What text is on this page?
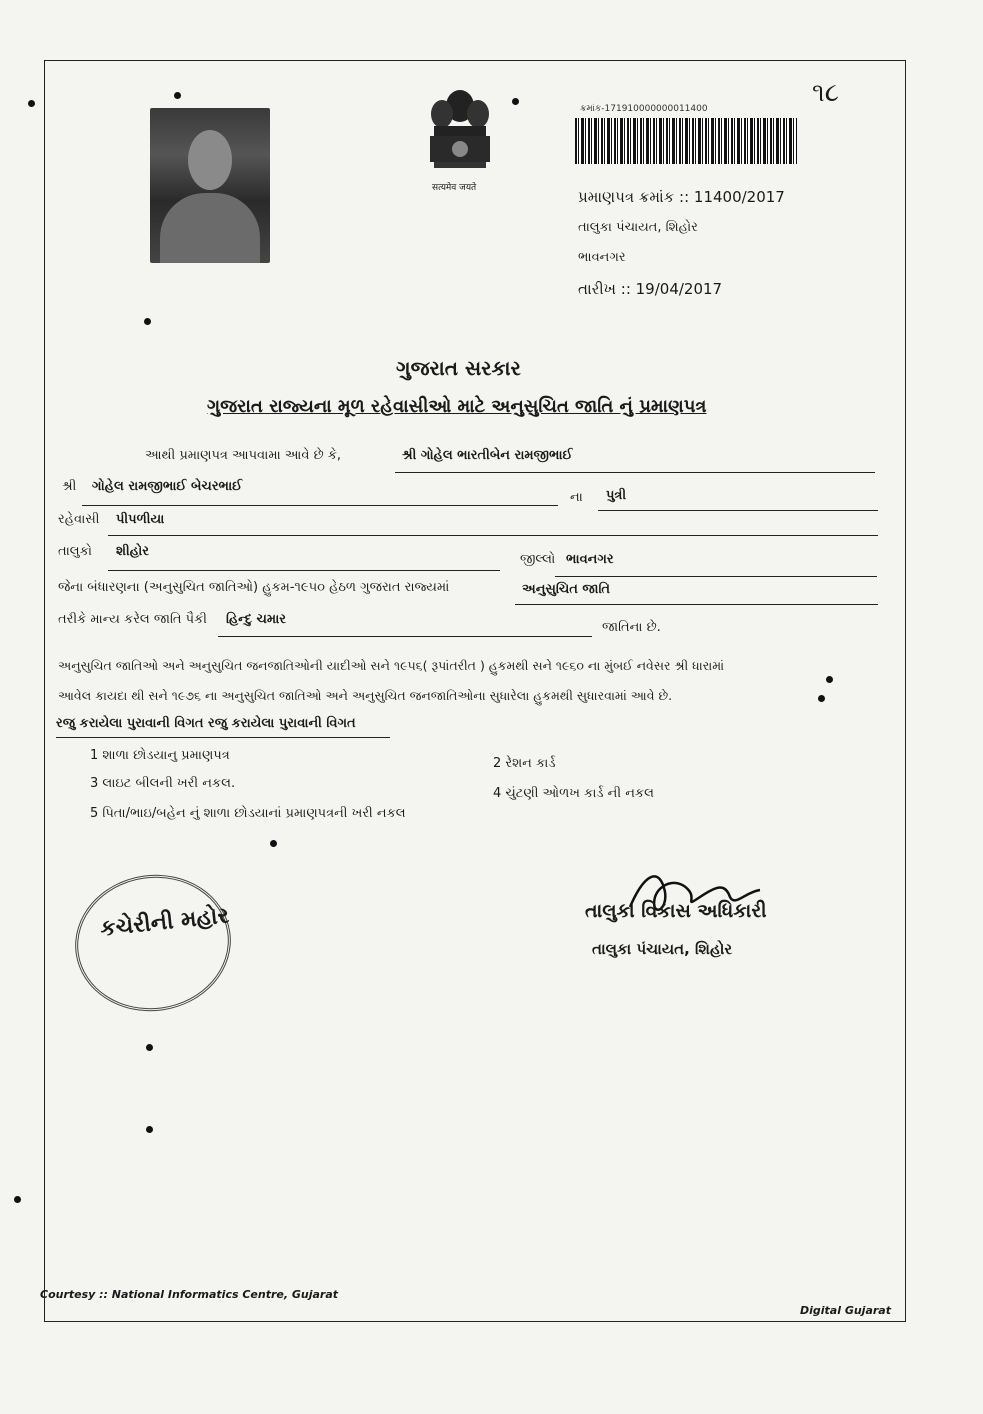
૧૮
सत्यमेव जयते
ક્રમાંક-171910000000011400
પ્રમાણપત્ર ક્રમાંક :: 11400/2017
તાલુકા પંચાયત, શિહોર
ભાવનગર
તારીખ :: 19/04/2017
ગુજરાત સરકાર
ગુજરાત રાજ્યના મૂળ રહેવાસીઓ માટે અનુસુચિત જાતિ નું પ્રમાણપત્ર
આથી પ્રમાણપત્ર આપવામા આવે છે કે,	શ્રી ગોહેલ ભારતીબેન રામજીભાઈ
શ્રી ગોહેલ રામજીભાઈ બેચરભાઈ
ના પુત્રી
રહેવાસી પીપળીયા
તાલુકો શીહોર
જીલ્લો ભાવનગર
જેના બંધારણના (અનુસુચિત જાતિઓ) હુકમ-૧૯૫૦ હેઠળ ગુજરાત રાજ્યમાં	અનુસુચિત જાતિ
તરીકે માન્ય કરેલ જાતિ પૈકી હિન્દુ ચમાર
જાતિના છે.
અનુસુચિત જાતિઓ અને અનુસુચિત જનજાતિઓની યાદીઓ સને ૧૯૫૬( રૂપાંતરીત ) હુકમથી સને ૧૯૬૦ ના મુંબઈ નવેસર શ્રી ધારામાં
આવેલ કાયદા થી સને ૧૯૭૬ ના અનુસુચિત જાતિઓ અને અનુસુચિત જનજાતિઓના સુધારેલા હુકમથી સુધારવામાં આવે છે.
રજુ કરાયેલા પુરાવાની વિગત રજુ કરાયેલા પુરાવાની વિગત
1 શાળા છોડયાનુ પ્રમાણપત્ર
2 રેશન કાર્ડ
3 લાઇટ બીલની ખરી નકલ.
4 ચુંટણી ઓળખ કાર્ડ ની નકલ
5 પિતા/ભાઇ/બહેન નું શાળા છોડયાનાં પ્રમાણપત્રની ખરી નકલ
કચેરીની મહોર	તાલુકા વિકાસ અધિકારી
તાલુકા પંચાયત, શિહોર
Courtesy :: National Informatics Centre, Gujarat
Digital Gujarat
